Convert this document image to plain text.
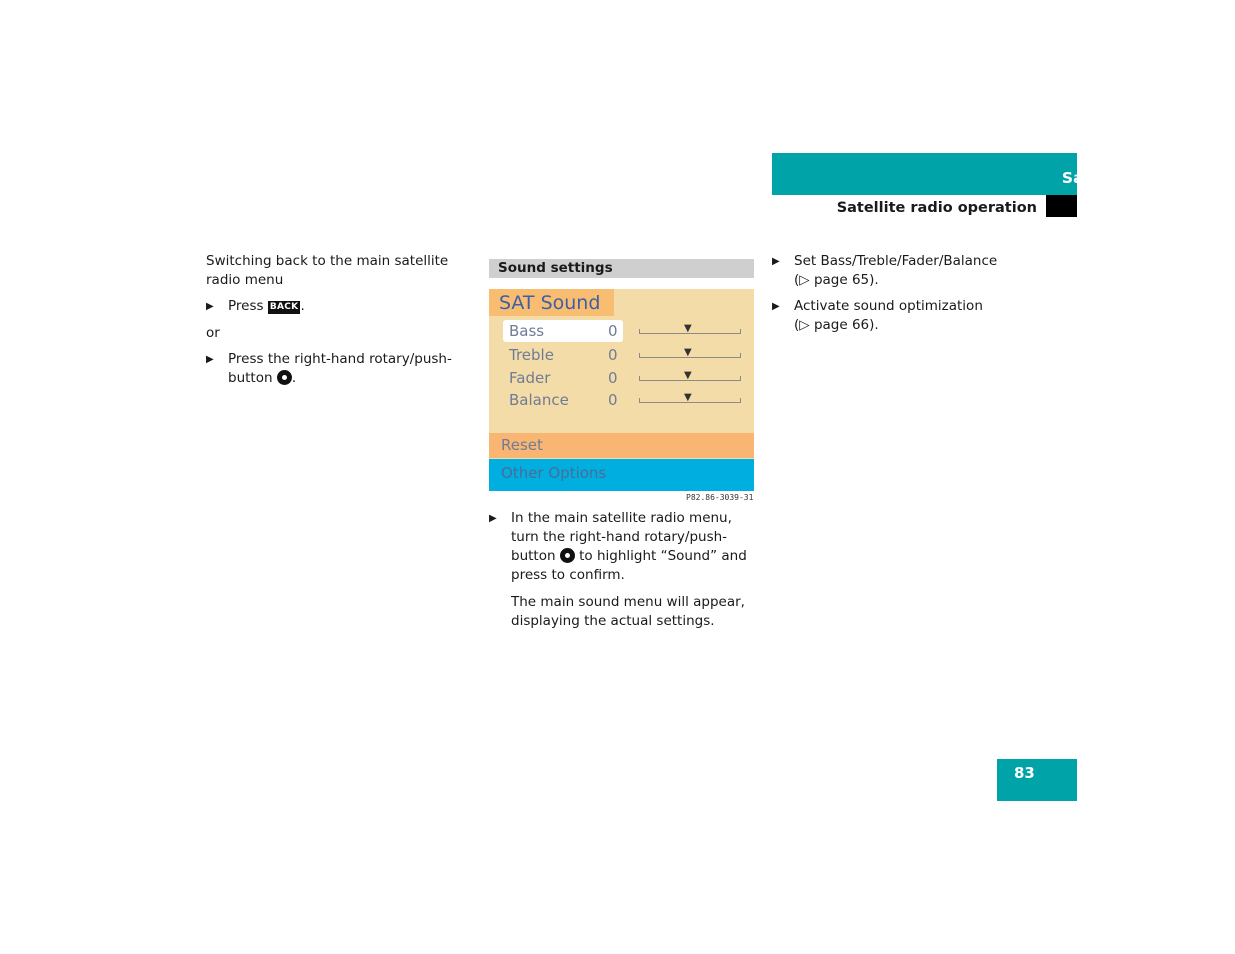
Satellite radio*
Satellite radio operation

Switching back to the main satellite radio menu

▶ Press BACK .

or

▶ Press the right-hand rotary/push-button .

Sound settings
SAT Sound
Bass	0	▼
Treble	0	▼
Fader	0	▼
Balance	0	▼
Reset
Other Options
P82.86-3039-31

▶ In the main satellite radio menu, turn the right-hand rotary/push-button to highlight “Sound” and press to confirm.

The main sound menu will appear, displaying the actual settings.

▶ Set Bass/Treble/Fader/Balance
(▷ page 65).

▶ Activate sound optimization
(▷ page 66).

83
